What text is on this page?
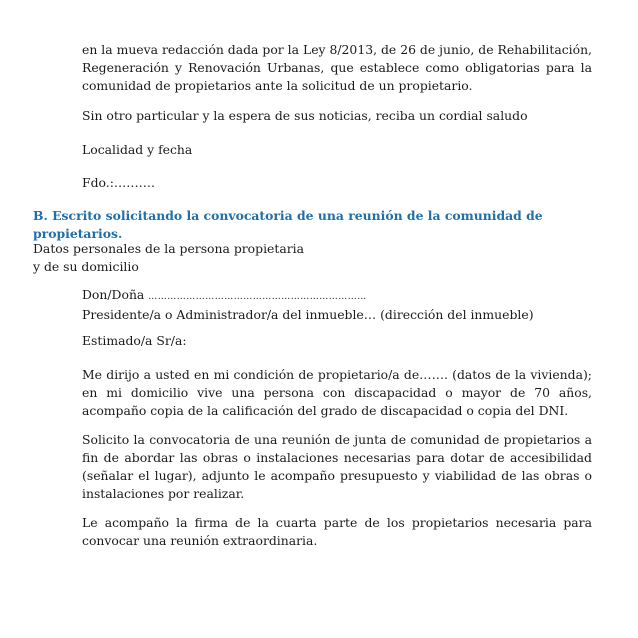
en la mueva redacción dada por la Ley 8/2013, de 26 de junio, de Rehabilitación, Regeneración y Renovación Urbanas, que establece como obligatorias para la comunidad de propietarios ante la solicitud de un propietario.

Sin otro particular y la espera de sus noticias, reciba un cordial saludo

Localidad y fecha

Fdo.:……….

B. Escrito solicitando la convocatoria de una reunión de la comunidad de propietarios.

Datos personales de la persona propietaria
y de su domicilio
Don/Doña ……………………………………………………………
Presidente/a o Administrador/a del inmueble… (dirección del inmueble)

Estimado/a Sr/a:

Me dirijo a usted en mi condición de propietario/a de……. (datos de la vivienda); en mi domicilio vive una persona con discapacidad o mayor de 70 años, acompaño copia de la calificación del grado de discapacidad o copia del DNI.

Solicito la convocatoria de una reunión de junta de comunidad de propietarios a fin de abordar las obras o instalaciones necesarias para dotar de accesibilidad (señalar el lugar), adjunto le acompaño presupuesto y viabilidad de las obras o instalaciones por realizar.

Le acompaño la firma de la cuarta parte de los propietarios necesaria para convocar una reunión extraordinaria.
